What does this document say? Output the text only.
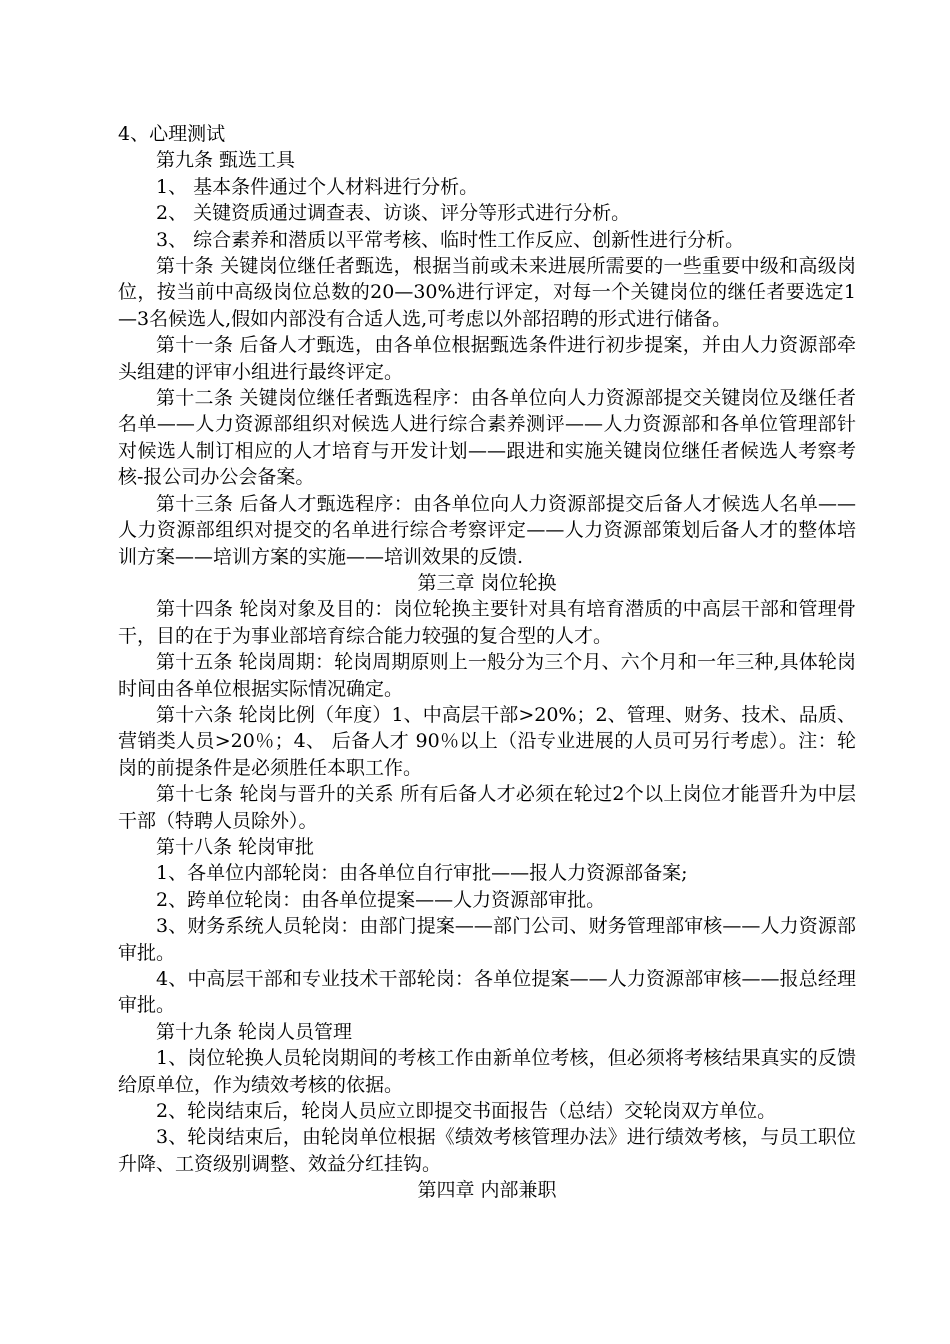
4、心理测试

第九条 甄选工具

1、 基本条件通过个人材料进行分析。

2、 关键资质通过调查表、访谈、评分等形式进行分析。

3、 综合素养和潜质以平常考核、临时性工作反应、创新性进行分析。

第十条 关键岗位继任者甄选，根据当前或未来进展所需要的一些重要中级和高级岗位，按当前中高级岗位总数的20—30%进行评定，对每一个关键岗位的继任者要选定1—3名候选人,假如内部没有合适人选,可考虑以外部招聘的形式进行储备。

第十一条 后备人才甄选，由各单位根据甄选条件进行初步提案，并由人力资源部牵头组建的评审小组进行最终评定。

第十二条 关键岗位继任者甄选程序：由各单位向人力资源部提交关键岗位及继任者名单——人力资源部组织对候选人进行综合素养测评——人力资源部和各单位管理部针对候选人制订相应的人才培育与开发计划——跟进和实施关键岗位继任者候选人考察考核-报公司办公会备案。

第十三条 后备人才甄选程序：由各单位向人力资源部提交后备人才候选人名单——人力资源部组织对提交的名单进行综合考察评定——人力资源部策划后备人才的整体培训方案——培训方案的实施——培训效果的反馈.

第三章 岗位轮换

第十四条 轮岗对象及目的：岗位轮换主要针对具有培育潜质的中高层干部和管理骨干，目的在于为事业部培育综合能力较强的复合型的人才。

第十五条 轮岗周期：轮岗周期原则上一般分为三个月、六个月和一年三种,具体轮岗时间由各单位根据实际情况确定。

第十六条 轮岗比例（年度）1、中高层干部>20%；2、管理、财务、技术、品质、营销类人员>20％；4、 后备人才 90％以上（沿专业进展的人员可另行考虑）。注：轮岗的前提条件是必须胜任本职工作。

第十七条 轮岗与晋升的关系 所有后备人才必须在轮过2个以上岗位才能晋升为中层干部（特聘人员除外）。

第十八条 轮岗审批

1、各单位内部轮岗：由各单位自行审批——报人力资源部备案;

2、跨单位轮岗：由各单位提案——人力资源部审批。

3、财务系统人员轮岗：由部门提案——部门公司、财务管理部审核——人力资源部审批。

4、中高层干部和专业技术干部轮岗：各单位提案——人力资源部审核——报总经理审批。

第十九条 轮岗人员管理

1、岗位轮换人员轮岗期间的考核工作由新单位考核，但必须将考核结果真实的反馈给原单位，作为绩效考核的依据。

2、轮岗结束后，轮岗人员应立即提交书面报告（总结）交轮岗双方单位。

3、轮岗结束后，由轮岗单位根据《绩效考核管理办法》进行绩效考核，与员工职位升降、工资级别调整、效益分红挂钩。

第四章 内部兼职
